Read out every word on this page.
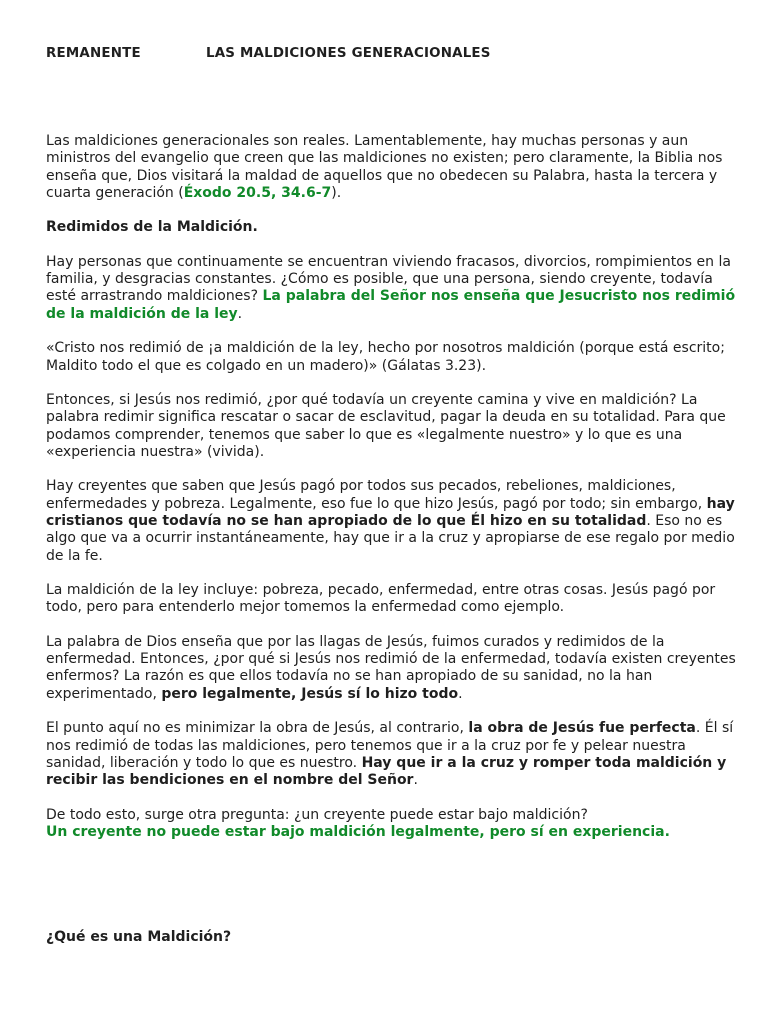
REMANENTE	LAS MALDICIONES GENERACIONALES

Las maldiciones generacionales son reales. Lamentablemente, hay muchas personas y aun ministros del evangelio que creen que las maldiciones no existen; pero claramente, la Biblia nos enseña que, Dios visitará la maldad de aquellos que no obedecen su Palabra, hasta la tercera y cuarta generación (Éxodo 20.5, 34.6-7).

Redimidos de la Maldición.

Hay personas que continuamente se encuentran viviendo fracasos, divorcios, rompimientos en la familia, y desgracias constantes. ¿Cómo es posible, que una persona, siendo creyente, todavía esté arrastrando maldiciones? La palabra del Señor nos enseña que Jesucristo nos redimió de la maldición de la ley.

«Cristo nos redimió de ¡a maldición de la ley, hecho por nosotros maldición (porque está escrito; Maldito todo el que es colgado en un madero)» (Gálatas 3.23).

Entonces, si Jesús nos redimió, ¿por qué todavía un creyente camina y vive en maldición? La palabra redimir significa rescatar o sacar de esclavitud, pagar la deuda en su totalidad. Para que podamos comprender, tenemos que saber lo que es «legalmente nuestro» y lo que es una «experiencia nuestra» (vivida).

Hay creyentes que saben que Jesús pagó por todos sus pecados, rebeliones, maldiciones, enfermedades y pobreza. Legalmente, eso fue lo que hizo Jesús, pagó por todo; sin embargo, hay cristianos que todavía no se han apropiado de lo que Él hizo en su totalidad. Eso no es algo que va a ocurrir instantáneamente, hay que ir a la cruz y apropiarse de ese regalo por medio de la fe.

La maldición de la ley incluye: pobreza, pecado, enfermedad, entre otras cosas. Jesús pagó por todo, pero para entenderlo mejor tomemos la enfermedad como ejemplo.

La palabra de Dios enseña que por las llagas de Jesús, fuimos curados y redimidos de la enfermedad. Entonces, ¿por qué si Jesús nos redimió de la enfermedad, todavía existen creyentes enfermos? La razón es que ellos todavía no se han apropiado de su sanidad, no la han experimentado, pero legalmente, Jesús sí lo hizo todo.

El punto aquí no es minimizar la obra de Jesús, al contrario, la obra de Jesús fue perfecta. Él sí nos redimió de todas las maldiciones, pero tenemos que ir a la cruz por fe y pelear nuestra sanidad, liberación y todo lo que es nuestro. Hay que ir a la cruz y romper toda maldición y recibir las bendiciones en el nombre del Señor.

De todo esto, surge otra pregunta: ¿un creyente puede estar bajo maldición?
Un creyente no puede estar bajo maldición legalmente, pero sí en experiencia.

¿Qué es una Maldición?
